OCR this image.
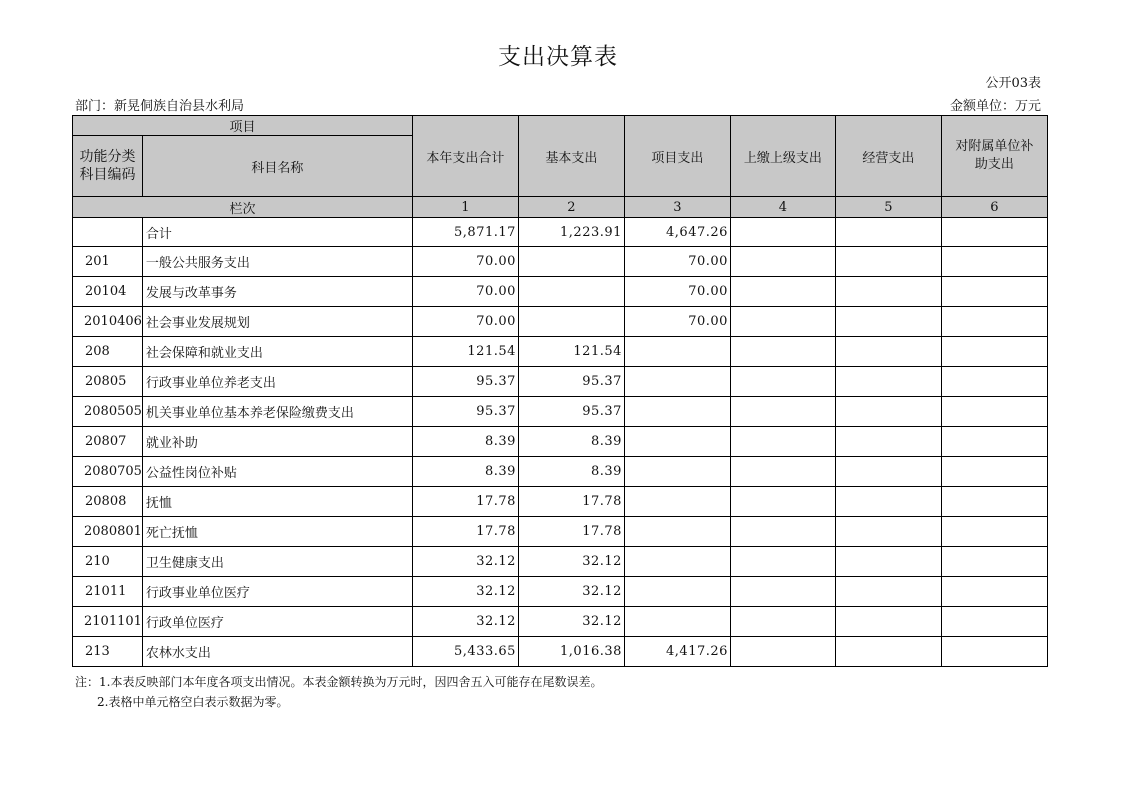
支出决算表
公开03表
部门：新晃侗族自治县水利局	金额单位：万元
项目		本年支出合计	基本支出	项目支出	上缴上级支出	经营支出	对附属单位补助支出
功能分类科目编码	科目名称						
栏次		1	2	3	4	5	6
	合计	5,871.17	1,223.91	4,647.26			
201	一般公共服务支出	70.00		70.00			
20104	发展与改革事务	70.00		70.00			
2010406	社会事业发展规划	70.00		70.00			
208	社会保障和就业支出	121.54	121.54				
20805	行政事业单位养老支出	95.37	95.37				
2080505	机关事业单位基本养老保险缴费支出	95.37	95.37				
20807	就业补助	8.39	8.39				
2080705	公益性岗位补贴	8.39	8.39				
20808	抚恤	17.78	17.78				
2080801	死亡抚恤	17.78	17.78				
210	卫生健康支出	32.12	32.12				
21011	行政事业单位医疗	32.12	32.12				
2101101	行政单位医疗	32.12	32.12				
213	农林水支出	5,433.65	1,016.38	4,417.26			
注：1.本表反映部门本年度各项支出情况。本表金额转换为万元时，因四舍五入可能存在尾数误差。
2.表格中单元格空白表示数据为零。
